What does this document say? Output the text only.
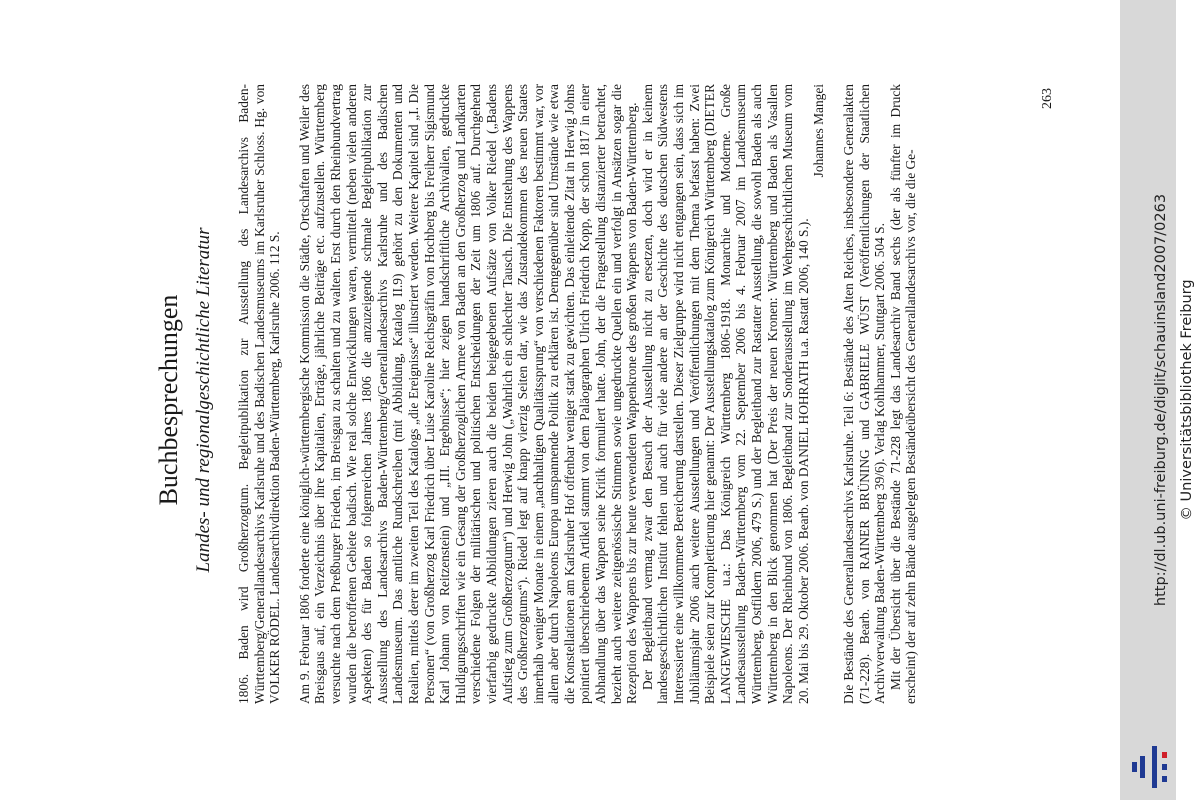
263
Buchbesprechungen Landes- und regionalgeschichtliche Literatur 1806. Baden wird Großherzogtum. Begleitpublikation zur Ausstellung des Landesarchivs Baden-Württemberg/Generallandesarchivs Karlsruhe und des Badischen Landesmuseums im Karlsruher Schloss. Hg. von VOLKER RÖDEL. Landesarchivdirektion Baden-Württemberg, Karlsruhe 2006. 112 S. Am 9. Februar 1806 forderte eine königlich-württembergische Kommission die Städte, Ortschaften und Weiler des Breisgaus auf, ein Verzeichnis über ihre Kapitalien, Erträge, jährliche Beiträge etc. aufzustellen. Württemberg versuchte nach dem Preßburger Frieden, im Breisgau zu schalten und zu walten. Erst durch den Rheinbundvertrag wurden die betroffenen Gebiete badisch. Wie real solche Entwicklungen waren, vermittelt (neben vielen anderen Aspekten) des für Baden so folgenreichen Jahres 1806 die anzuzeigende schmale Begleitpublikation zur Ausstellung des Landesarchivs Baden-Württemberg/Generallandesarchivs Karlsruhe und des Badischen Landesmuseum. Das amtliche Rundschreiben (mit Abbildung, Katalog II.9) gehört zu den Dokumenten und Realien, mittels derer im zweiten Teil des Katalogs „die Ereignisse“ illustriert werden. Weitere Kapitel sind „I. Die Personen“ (von Großherzog Karl Friedrich über Luise Karoline Reichsgräfin von Hochberg bis Freiherr Sigismund Karl Johann von Reitzenstein) und „III. Ergebnisse“; hier zeigen handschriftliche Archivalien, gedruckte Huldigungsschriften wie ein Gesang der Großherzoglichen Armee von Baden an den Großherzog und Landkarten verschiedene Folgen der militärischen und politischen Entscheidungen der Zeit um 1806 auf. Durchgehend vierfarbig gedruckte Abbildungen zieren auch die beiden beigegebenen Aufsätze von Volker Riedel („Badens Aufstieg zum Großherzogtum“) und Herwig John („Wahrlich ein schlechter Tausch. Die Entstehung des Wappens des Großherzogtums“). Riedel legt auf knapp vierzig Seiten dar, wie das Zustandekommen des neuen Staates innerhalb weniger Monate in einem „nachhaltigen Qualitätssprung“ von verschiedenen Faktoren bestimmt war, vor allem aber durch Napoleons Europa umspannende Politik zu erklären ist. Demgegenüber sind Umstände wie etwa die Konstellationen am Karlsruher Hof offenbar weniger stark zu gewichten. Das einleitende Zitat in Herwig Johns pointiert überschriebenem Artikel stammt von dem Paläographen Ulrich Friedrich Kopp, der schon 1817 in einer Abhandlung über das Wappen seine Kritik formuliert hatte. John, der die Fragestellung distanzierter betrachtet, bezieht auch weitere zeitgenössische Stimmen sowie ungedruckte Quellen ein und verfolgt in Ansätzen sogar die Rezeption des Wappens bis zur heute verwendeten Wappenkrone des großen Wappens von Baden-Württemberg. Der Begleitband vermag zwar den Besuch der Ausstellung nicht zu ersetzen, doch wird er in keinem landesgeschichtlichen Institut fehlen und auch für viele andere an der Geschichte des deutschen Südwestens Interessierte eine willkommene Bereicherung darstellen. Dieser Zielgruppe wird nicht entgangen sein, dass sich im Jubiläumsjahr 2006 auch weitere Ausstellungen und Veröffentlichungen mit dem Thema befasst haben: Zwei Beispiele seien zur Komplettierung hier genannt: Der Ausstellungskatalog zum Königreich Württemberg (DIETER LANGEWIESCHE u.a.: Das Königreich Württemberg 1806-1918. Monarchie und Moderne. Große Landesausstellung Baden-Württemberg vom 22. September 2006 bis 4. Februar 2007 im Landesmuseum Württemberg, Ostfildern 2006, 479 S.) und der Begleitband zur Rastatter Ausstellung, die sowohl Baden als auch Württemberg in den Blick genommen hat (Der Preis der neuen Kronen: Württemberg und Baden als Vasallen Napoleons. Der Rheinbund von 1806. Begleitband zur Sonderausstellung im Wehrgeschichtlichen Museum vom 20. Mai bis 29. Oktober 2006. Bearb. von DANIEL HOHRATH u.a. Rastatt 2006, 140 S.).

Johannes Mangei Die Bestände des Generallandesarchivs Karlsruhe. Teil 6: Bestände des Alten Reiches, insbesondere Generalakten (71-228). Bearb. von RAINER BRÜNING und GABRIELE WÜST (Veröffentlichungen der Staatlichen Archivverwaltung Baden-Württemberg 39/6). Verlag Kohlhammer, Stuttgart 2006. 504 S. Mit der Übersicht über die Bestände 71-228 legt das Landesarchiv Band sechs (der als fünfter im Druck erscheint) der auf zehn Bände ausgelegten Beständeübersicht des Generallandesarchivs vor, die die Ge-	http://dl.ub.uni-freiburg.de/diglit/schauinsland2007/0263 © Universitätsbibliothek Freiburg
